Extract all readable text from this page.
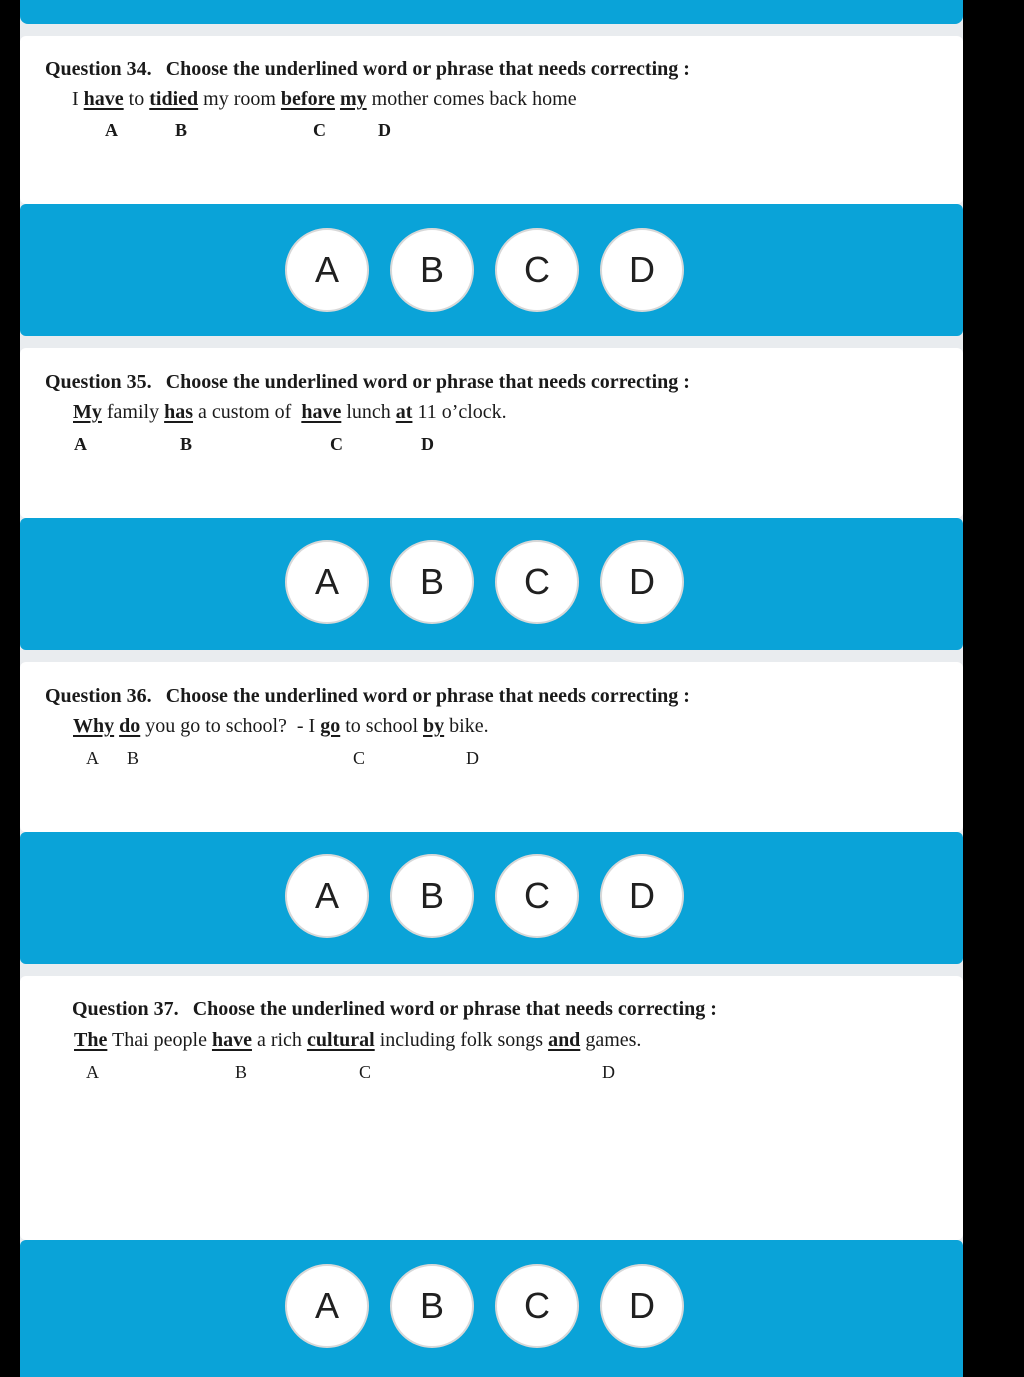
Question 34. Choose the underlined word or phrase that needs correcting :
I have to tidied my room before my mother comes back home
A	B	C	D
A	B	C	D
Question 35. Choose the underlined word or phrase that needs correcting :
My family has a custom of  have lunch at 11 o’clock.
A	B	C	D
A	B	C	D
Question 36. Choose the underlined word or phrase that needs correcting :
Why do you go to school?  - I go to school by bike.
A B	C	D
A	B	C	D
Question 37. Choose the underlined word or phrase that needs correcting :
The Thai people have a rich cultural including folk songs and games.
A	B	C	D
A	B	C	D
